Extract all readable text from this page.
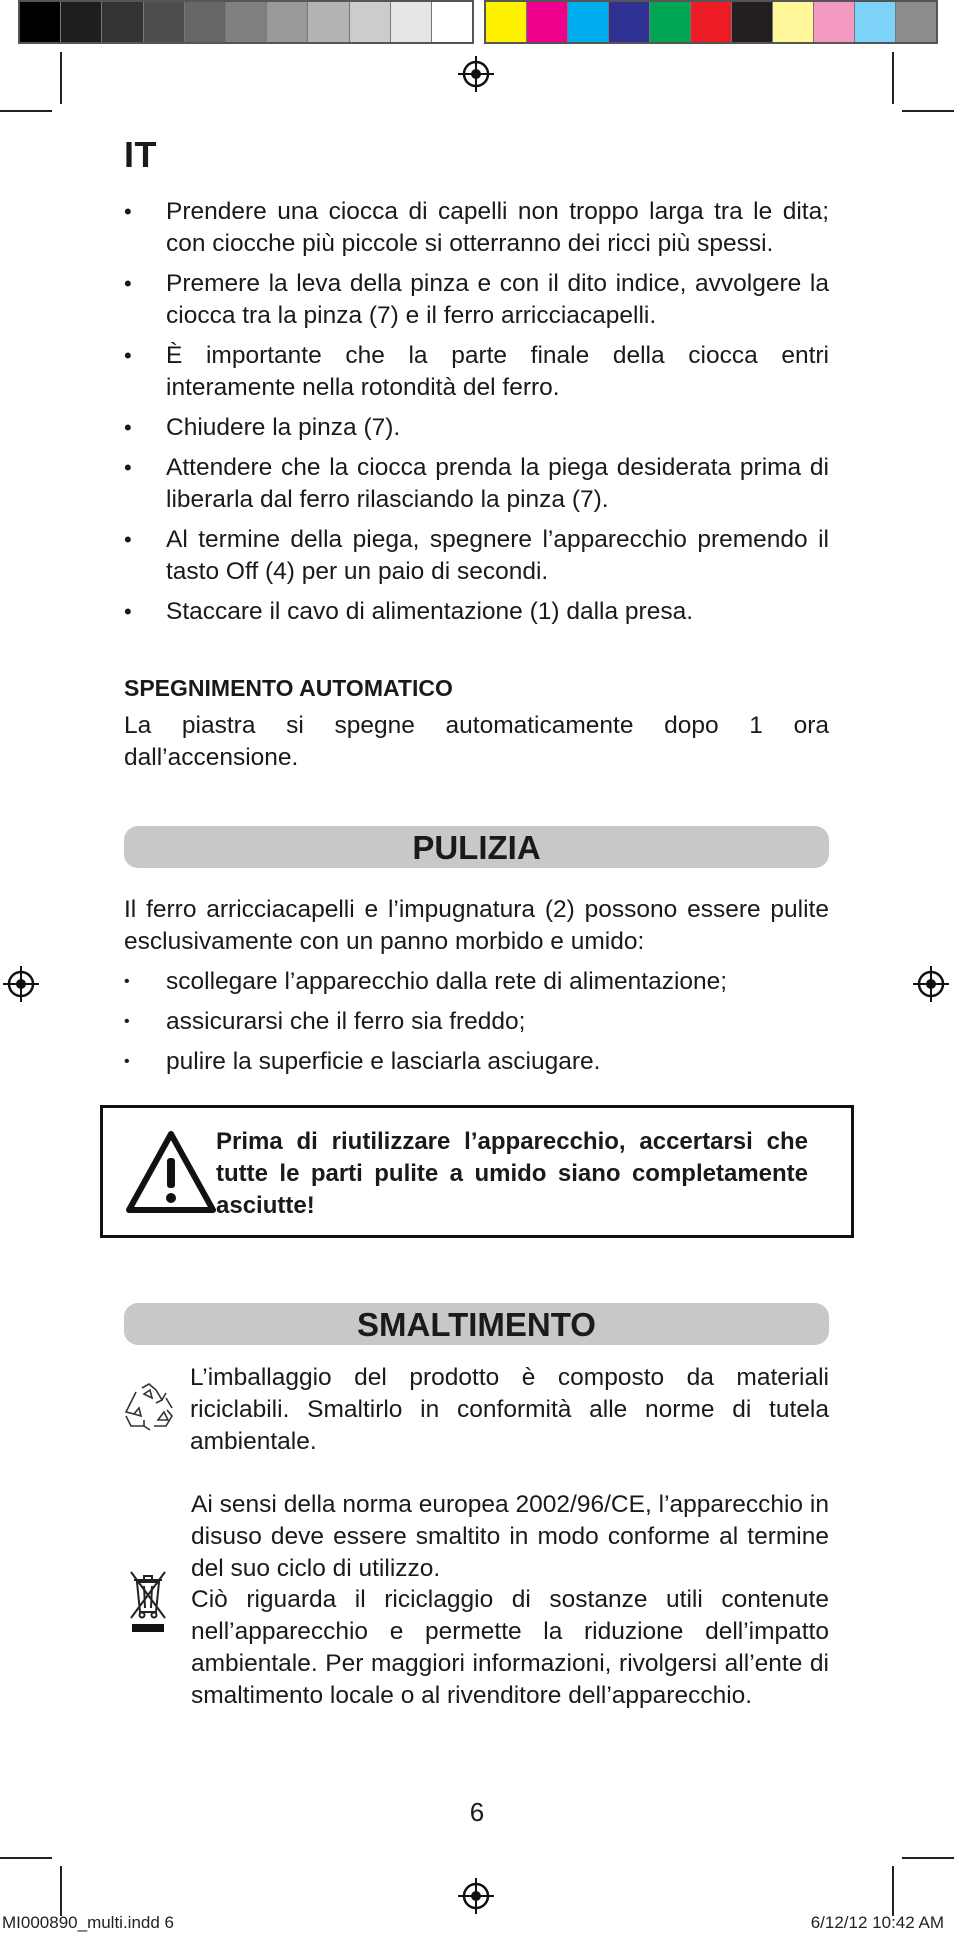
IT
• Prendere una ciocca di capelli non troppo larga tra le dita; con ciocche più piccole si otterranno dei ricci più spessi.
• Premere la leva della pinza e con il dito indice, avvolgere la ciocca tra la pinza (7) e il ferro arricciacapelli.
• È importante che la parte finale della ciocca entri interamente nella rotondità del ferro.
• Chiudere la pinza (7).
• Attendere che la ciocca prenda la piega desiderata prima di liberarla dal ferro rilasciando la pinza (7).
• Al termine della piega, spegnere l’apparecchio premendo il tasto Off (4) per un paio di secondi.
• Staccare il cavo di alimentazione (1) dalla presa.
SPEGNIMENTO AUTOMATICO
La piastra si spegne automaticamente dopo 1 ora dall’accensione.
PULIZIA
Il ferro arricciacapelli e l’impugnatura (2) possono essere pulite esclusivamente con un panno morbido e umido:
• scollegare l’apparecchio dalla rete di alimentazione;
• assicurarsi che il ferro sia freddo;
• pulire la superficie e lasciarla asciugare.
Prima di riutilizzare l’apparecchio, accertarsi che tutte le parti pulite a umido siano completamente asciutte!
SMALTIMENTO
L’imballaggio del prodotto è composto da materiali riciclabili. Smaltirlo in conformità alle norme di tutela ambientale.
Ai sensi della norma europea 2002/96/CE, l’apparecchio in disuso deve essere smaltito in modo conforme al termine del suo ciclo di utilizzo.
Ciò riguarda il riciclaggio di sostanze utili contenute nell’apparecchio e permette la riduzione dell’impatto ambientale. Per maggiori informazioni, rivolgersi all’ente di smaltimento locale o al rivenditore dell’apparecchio.
6
MI000890_multi.indd 6	6/12/12 10:42 AM
